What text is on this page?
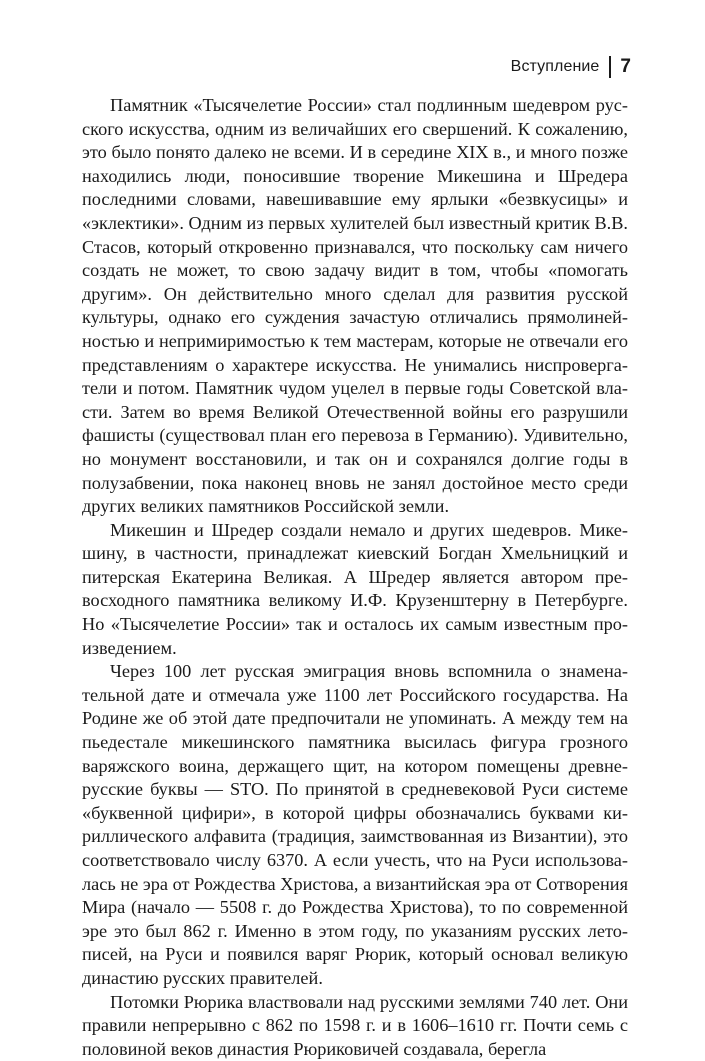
Вступление 7

Памятник «Тысячелетие России» стал подлинным шедевром русского искусства, одним из величайших его свершений. К сожалению, это было понято далеко не всеми. И в середине XIX в., и много позже находились люди, поносившие творение Микешина и Шредера последними словами, навешивавшие ему ярлыки «безвкусицы» и «эклектики». Одним из первых хулителей был известный критик В.В. Стасов, который откровенно признавался, что поскольку сам ничего создать не может, то свою задачу видит в том, чтобы «помогать другим». Он действительно много сделал для развития русской культуры, однако его суждения зачастую отличались прямолинейностью и непримиримостью к тем мастерам, которые не отвечали его представлениям о характере искусства. Не унимались ниспровергатели и потом. Памятник чудом уцелел в первые годы Советской власти. Затем во время Великой Отечественной войны его разрушили фашисты (существовал план его перевоза в Германию). Удивительно, но монумент восстановили, и так он и сохранялся долгие годы в полузабвении, пока наконец вновь не занял достойное место среди других великих памятников Российской земли.

Микешин и Шредер создали немало и других шедевров. Микешину, в частности, принадлежат киевский Богдан Хмельницкий и питерская Екатерина Великая. А Шредер является автором превосходного памятника великому И.Ф. Крузенштерну в Петербурге. Но «Тысячелетие России» так и осталось их самым известным произведением.

Через 100 лет русская эмиграция вновь вспомнила о знаменательной дате и отмечала уже 1100 лет Российского государства. На Родине же об этой дате предпочитали не упоминать. А между тем на пьедестале микешинского памятника высилась фигура грозного варяжского воина, держащего щит, на котором помещены древнерусские буквы — STO. По принятой в средневековой Руси системе «буквенной цифири», в которой цифры обозначались буквами кириллического алфавита (традиция, заимствованная из Византии), это соответствовало числу 6370. А если учесть, что на Руси использовалась не эра от Рождества Христова, а византийская эра от Сотворения Мира (начало — 5508 г. до Рождества Христова), то по современной эре это был 862 г. Именно в этом году, по указаниям русских летописей, на Руси и появился варяг Рюрик, который основал великую династию русских правителей.

Потомки Рюрика властвовали над русскими землями 740 лет. Они правили непрерывно с 862 по 1598 г. и в 1606–1610 гг. Почти семь с половиной веков династия Рюриковичей создавала, берегла
